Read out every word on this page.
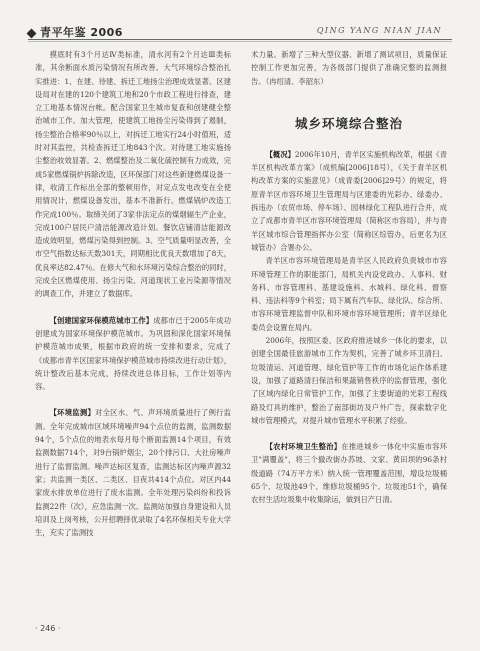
青平年鉴 2006	QING YANG NIAN JIAN

摸底时有3个月达Ⅳ类标准，清水河有2个月达Ⅲ类标准，其余断面水质污染情况有所改善。大气环境综合整治扎实推进：1、在建、待建、拆迁工地扬尘治理成效显著。区建设局对在建的120个建筑工地和20个市政工程进行排查，建立工地基本情况台帐。配合国家卫生城市复查和创建健全整治城市工作。加大管理，使建筑工地扬尘污染得到了遏制，扬尘整治合格率90％以上，对拆迁工地实行24小时值班，适时对其监控，共检查拆迁工地843个次。对待建工地实施扬尘整治收效显著。2、燃煤整治及二氧化硫控制有力成效，完成5家燃煤锅炉拆除改造，区环保部门对这些新建燃煤设备一律，收清工作标出全部的整顿用作，对定点发电改变在全使用情况计，燃煤设备发出，基本不准新行。燃煤锅炉改造工作完成100％。取缔关闭了3家非法定点的煤烟辐生产企业，完成100户居民户清洁能源改造计划。餐饮店铺清洁能源改造成效明显，燃煤污染得到控制。3、空气质量明显改善，全市空气指数达标天数301天，同期相比优良天数增加了8天，优良率达82.47％。在修大气和水环境污染综合整治的同时，完成全区燃煤使用、扬尘污染、河道现状工业污染源等情况的调查工作，并建立了数据库。

【创建国家环保模范城市工作】成都市已于2005年成功创建成为国家环境保护模范城市。为巩固和深化国家环境保护模范城市成果，根据市政府的统一安排和要求，完成了《成都市青羊区国家环境保护模范城市持续改进行动计划》，统计整改后基本完成，持续改进总体目标，工作计划等内容。

【环境监测】对全区水、气、声环境质量进行了例行监测。全年完成城市区域环境噪声94个点位的监测，监测数据94个，5个点位的地表水每月每个断面监测14个项目，有效监测数据714个，对9台锅炉烟尘，20个排污口、大社房噪声进行了监督监测。噪声达标区复查，监测达标区内噪声源32家；共监测一类区、二类区、目夜共414个点位。对区内44家废水排放单位进行了废水监测。全年处理污染纠纷和投诉监测22件（次），应急监测一次。监测站加强自身建设和人员培训及上岗考核，公开招聘择优录取了4名环保相关专业大学生，充实了监测技

术力量。新增了三种大型仪器、新增了测试项目，质量保证控制工作更加完善，为各级部门提供了准确完整的监测报告。（冉绍清、李韶东）

城乡环境综合整治

【概况】2006年10月，青羊区实施机构改革，根据《青羊区机构改革方案》（成机编[2006]18号），《关于青羊区机构改革方案的实施意见》（成青委[2006]29号）的规定，将原青羊区市容环境卫生管理局与区建委的光彩办、绿委办、拆违办（农贸市场、停车场）、园林绿化工程队进行合并，成立了成都市青羊区市容环境管理局（简称区市容局），并与青羊区城市综合管理指挥办公室（简称区综管办，后更名为区城管办）合署办公。

青羊区市容环境管理局是青羊区人民政府负责城市市容环境管理工作的职能部门，局机关内设党政办、人事科、财务科、市容管理科、基建设施科、水城科、绿化科、督察科、违法科等9个科室；局下属有汽车队、绿化队、综合所、市容环境管理监督中队和环境市容环境管理所；青羊区绿化委员会设置在局内。

2006年，按照区委、区政府推进城乡一体化的要求，以创建全国最佳旅游城市工作为契机，完善了城乡环卫清扫、垃圾清运、河道管理、绿化管护等工作的市场化运作体系建设，加强了道路清扫保洁和果蔬销售秩序的监督管理，强化了区域内绿化日常管护工作，加强了主要街道的光彩工程线路及灯具的维护，整治了南部街坊及户外广告，探索数字化城市管理模式，对提升城市管理水平积累了经验。

【农村环境卫生整治】在推进城乡一体化中实施市容环卫"满覆盖"，将三个撤改街办苏坡、文家、黄田坝的96条村级道路（74万平方米）纳入统一管理覆盖范围，增设垃圾桶65个、垃圾池49个、维修垃圾桶95个、垃圾池51个，确保农村生活垃圾集中收集除运，做到日产日清。

· 246 ·
